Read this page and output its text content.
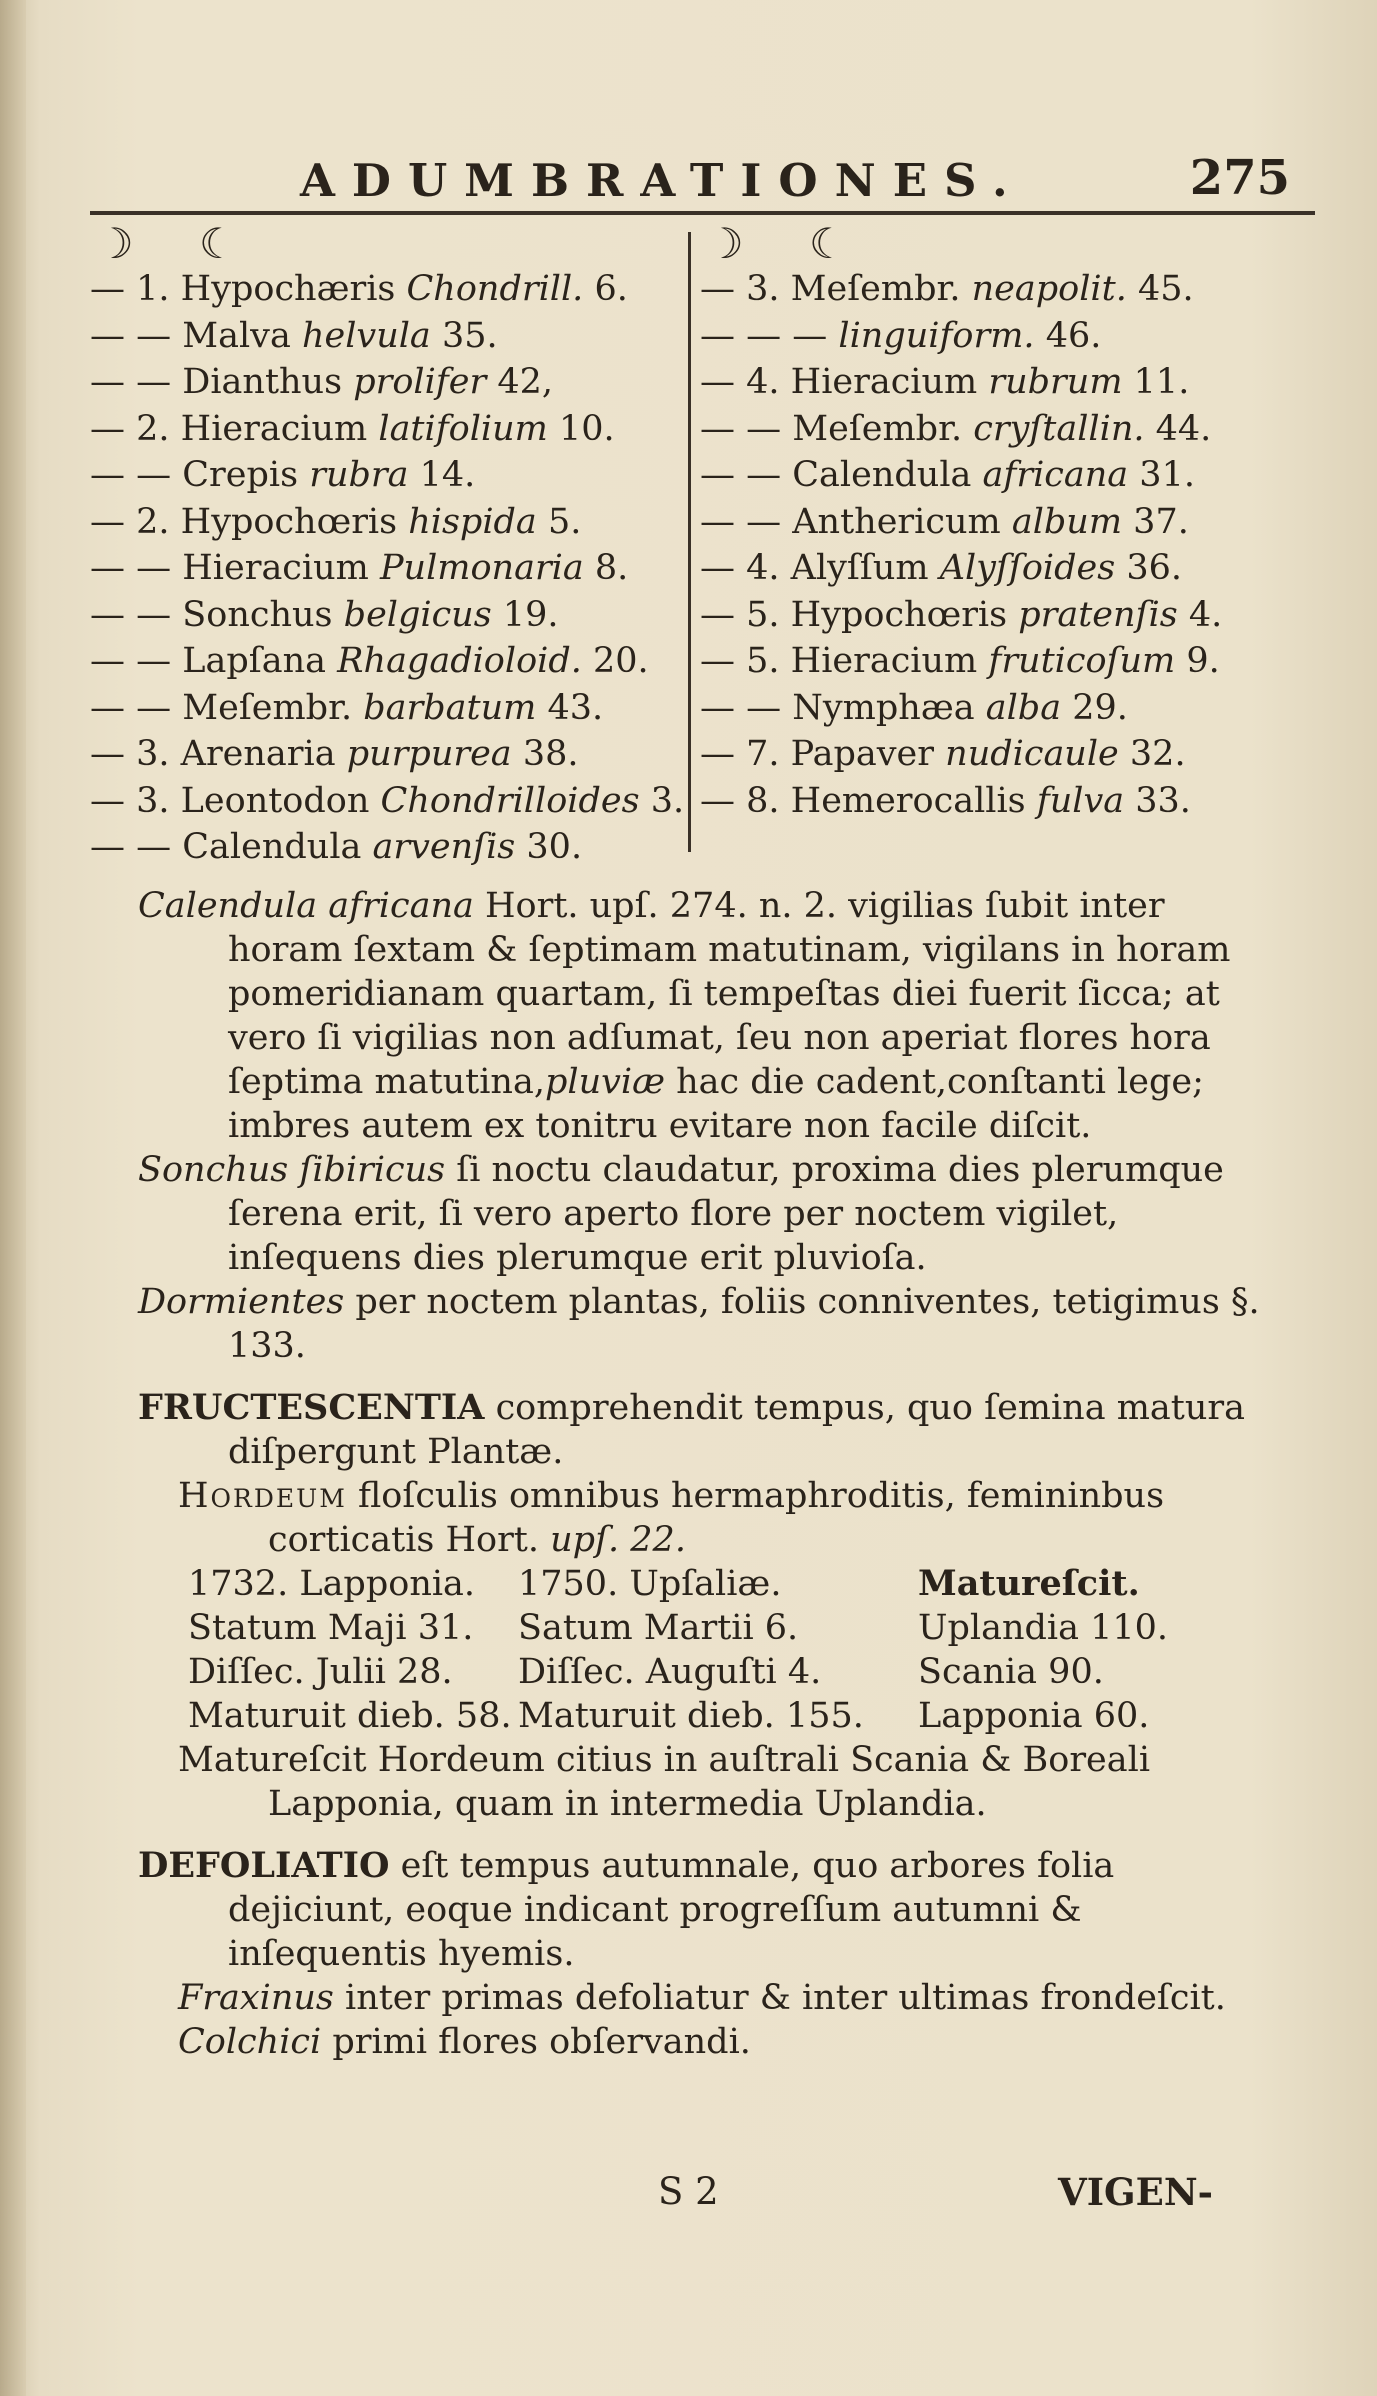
ADUMBRATIONES.	275
☽ ☾
— 1. Hypochæris Chondrill. 6.
— — Malva helvula 35.
— — Dianthus prolifer 42,
— 2. Hieracium latifolium 10.
— — Crepis rubra 14.
— 2. Hypochœris hispida 5.
— — Hieracium Pulmonaria 8.
— — Sonchus belgicus 19.
— — Lapſana Rhagadioloid. 20.
— — Meſembr. barbatum 43.
— 3. Arenaria purpurea 38.
— 3. Leontodon Chondrilloides 3.
— — Calendula arvenſis 30.
☽ ☾
— 3. Meſembr. neapolit. 45.
— — — linguiform. 46.
— 4. Hieracium rubrum 11.
— — Meſembr. cryſtallin. 44.
— — Calendula africana 31.
— — Anthericum album 37.
— 4. Alyſſum Alyſſoides 36.
— 5. Hypochœris pratenſis 4.
— 5. Hieracium fruticoſum 9.
— — Nymphæa alba 29.
— 7. Papaver nudicaule 32.
— 8. Hemerocallis fulva 33.
Calendula africana Hort. upſ. 274. n. 2. vigilias ſubit inter horam ſextam & ſeptimam matutinam, vigilans in horam pomeridianam quartam, ſi tempeſtas diei fuerit ſicca; at vero ſi vigilias non adſumat, ſeu non aperiat flores hora ſeptima matutina,pluviæ hac die cadent,conſtanti lege; imbres autem ex tonitru evitare non facile diſcit.
Sonchus ſibiricus ſi noctu claudatur, proxima dies plerumque ſerena erit, ſi vero aperto flore per noctem vigilet, inſequens dies plerumque erit pluvioſa.
Dormientes per noctem plantas, foliis conniventes, tetigimus §. 133.
FRUCTESCENTIA comprehendit tempus, quo ſemina matura diſpergunt Plantæ.
Hordeum floſculis omnibus hermaphroditis, femininbus corticatis Hort. upſ. 22.
1732. Lapponia.	1750. Upſaliæ.	Matureſcit.
Statum Maji 31.	Satum Martii 6.	Uplandia 110.
Diſſec. Julii 28.	Diſſec. Auguſti 4.	Scania 90.
Maturuit dieb. 58. Maturuit dieb. 155.	Lapponia 60.
Matureſcit Hordeum citius in auſtrali Scania & Boreali Lapponia, quam in intermedia Uplandia.
DEFOLIATIO eſt tempus autumnale, quo arbores folia dejiciunt, eoque indicant progreſſum autumni & inſequentis hyemis.
Fraxinus inter primas defoliatur & inter ultimas frondeſcit.
Colchici primi flores obſervandi.
S 2	VIGEN-
